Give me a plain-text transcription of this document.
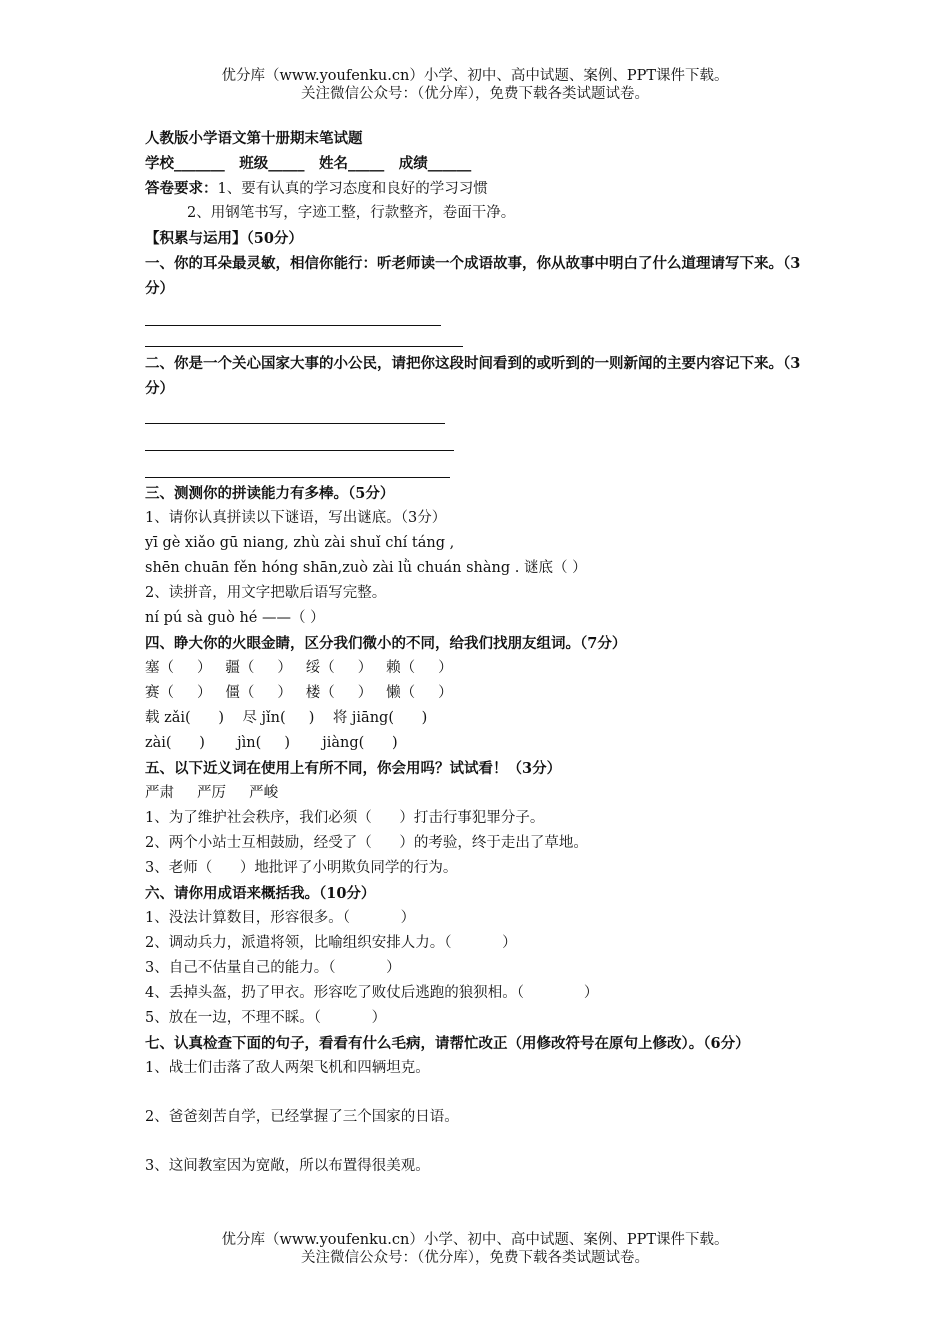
优分库（www.youfenku.cn）小学、初中、高中试题、案例、PPT课件下载。

关注微信公众号：（优分库），免费下载各类试题试卷。

人教版小学语文第十册期末笔试题

学校_______　班级_____　姓名_____　成绩______

答卷要求：1、要有认真的学习态度和良好的学习习惯

2、用钢笔书写，字迹工整，行款整齐，卷面干净。

【积累与运用】（50分）

一、你的耳朵最灵敏，相信你能行：听老师读一个成语故事，你从故事中明白了什么道理请写下来。（3分）

二、你是一个关心国家大事的小公民，请把你这段时间看到的或听到的一则新闻的主要内容记下来。（3分）

三、测测你的拼读能力有多棒。（5分）

1、请你认真拼读以下谜语，写出谜底。（3分）

yī gè xiǎo gū niang, zhù zài shuǐ chí táng ,

shēn chuān fěn hóng shān,zuò zài lǜ chuán shàng . 谜底（ ）

2、读拼音，用文字把歇后语写完整。

ní pú sà guò hé ——（ ）

四、睁大你的火眼金睛，区分我们微小的不同，给我们找朋友组词。（7分）

塞（     ）   疆（     ）   绥（     ）   赖（     ）

赛（     ）   僵（     ）   楼（     ）   懒（     ）

载 zǎi(      )    尽 jǐn(     )    将 jiāng(      )

zài(      )       jìn(     )       jiàng(      )

五、以下近义词在使用上有所不同，你会用吗？试试看！（3分）

严肃     严厉     严峻

1、为了维护社会秩序，我们必须（      ）打击行事犯罪分子。

2、两个小站士互相鼓励，经受了（      ）的考验，终于走出了草地。

3、老师（      ）地批评了小明欺负同学的行为。

六、请你用成语来概括我。（10分）

1、没法计算数目，形容很多。（           ）

2、调动兵力，派遣将领，比喻组织安排人力。（           ）

3、自己不估量自己的能力。（           ）

4、丢掉头盔，扔了甲衣。形容吃了败仗后逃跑的狼狈相。（             ）

5、放在一边，不理不睬。（           ）

七、认真检查下面的句子，看看有什么毛病，请帮忙改正（用修改符号在原句上修改）。（6分）

1、战士们击落了敌人两架飞机和四辆坦克。

2、爸爸刻苦自学，已经掌握了三个国家的日语。

3、这间教室因为宽敞，所以布置得很美观。

优分库（www.youfenku.cn）小学、初中、高中试题、案例、PPT课件下载。

关注微信公众号：（优分库），免费下载各类试题试卷。
